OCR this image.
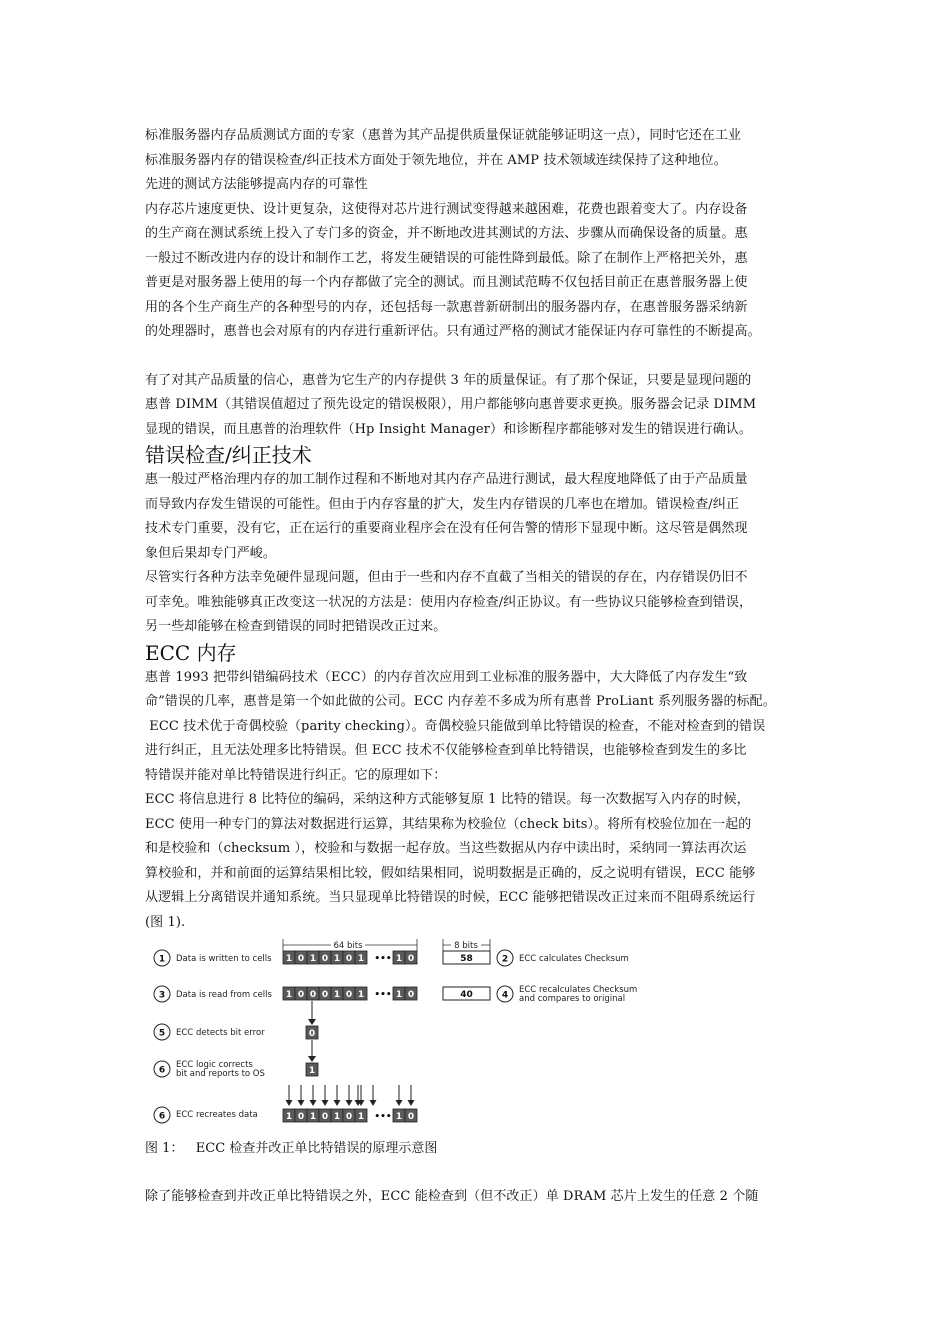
标准服务器内存品质测试方面的专家（惠普为其产品提供质量保证就能够证明这一点），同时它还在工业
标准服务器内存的错误检查/纠正技术方面处于领先地位，并在 AMP 技术领域连续保持了这种地位。
先进的测试方法能够提高内存的可靠性
内存芯片速度更快、设计更复杂，这使得对芯片进行测试变得越来越困难，花费也跟着变大了。内存设备
的生产商在测试系统上投入了专门多的资金，并不断地改进其测试的方法、步骤从而确保设备的质量。惠
一般过不断改进内存的设计和制作工艺，将发生硬错误的可能性降到最低。除了在制作上严格把关外，惠
普更是对服务器上使用的每一个内存都做了完全的测试。而且测试范畴不仅包括目前正在惠普服务器上使
用的各个生产商生产的各种型号的内存，还包括每一款惠普新研制出的服务器内存，在惠普服务器采纳新
的处理器时，惠普也会对原有的内存进行重新评估。只有通过严格的测试才能保证内存可靠性的不断提高。
有了对其产品质量的信心，惠普为它生产的内存提供 3 年的质量保证。有了那个保证，只要是显现问题的
惠普 DIMM（其错误值超过了预先设定的错误极限），用户都能够向惠普要求更换。服务器会记录 DIMM
显现的错误，而且惠普的治理软件（Hp Insight Manager）和诊断程序都能够对发生的错误进行确认。
错误检查/纠正技术
惠一般过严格治理内存的加工制作过程和不断地对其内存产品进行测试，最大程度地降低了由于产品质量
而导致内存发生错误的可能性。但由于内存容量的扩大，发生内存错误的几率也在增加。错误检查/纠正
技术专门重要，没有它，正在运行的重要商业程序会在没有任何告警的情形下显现中断。这尽管是偶然现
象但后果却专门严峻。
尽管实行各种方法幸免硬件显现问题，但由于一些和内存不直截了当相关的错误的存在，内存错误仍旧不
可幸免。唯独能够真正改变这一状况的方法是：使用内存检查/纠正协议。有一些协议只能够检查到错误，
另一些却能够在检查到错误的同时把错误改正过来。
ECC 内存
惠普 1993 把带纠错编码技术（ECC）的内存首次应用到工业标准的服务器中，大大降低了内存发生“致
命”错误的几率，惠普是第一个如此做的公司。ECC 内存差不多成为所有惠普 ProLiant 系列服务器的标配。
ECC 技术优于奇偶校验（parity checking）。奇偶校验只能做到单比特错误的检查，不能对检查到的错误
进行纠正，且无法处理多比特错误。但 ECC 技术不仅能够检查到单比特错误，也能够检查到发生的多比
特错误并能对单比特错误进行纠正。它的原理如下：
ECC 将信息进行 8 比特位的编码，采纳这种方式能够复原 1 比特的错误。每一次数据写入内存的时候，
ECC 使用一种专门的算法对数据进行运算，其结果称为校验位（check bits）。将所有校验位加在一起的
和是校验和（checksum ），校验和与数据一起存放。当这些数据从内存中读出时，采纳同一算法再次运
算校验和，并和前面的运算结果相比较，假如结果相同，说明数据是正确的，反之说明有错误，ECC 能够
从逻辑上分离错误并通知系统。当只显现单比特错误的时候，ECC 能够把错误改正过来而不阻碍系统运行
(图 1).
64 bits	8 bits
1 Data is written to cells 1 0 1 0 1 0 1 ••• 1 0	58	2 ECC calculates Checksum
3 Data is read from cells 1 0 0 0 1 0 1 ••• 1 0	40	4
ECC recalculates Checksum
and compares to original
5 ECC detects bit error	0
6
ECC logic corrects
bit and reports to OS	1
6 ECC recreates data	1 0 1 0 1 0 1 ••• 1 0
图 1：   ECC 检查并改正单比特错误的原理示意图
除了能够检查到并改正单比特错误之外，ECC 能检查到（但不改正）单 DRAM 芯片上发生的任意 2 个随
